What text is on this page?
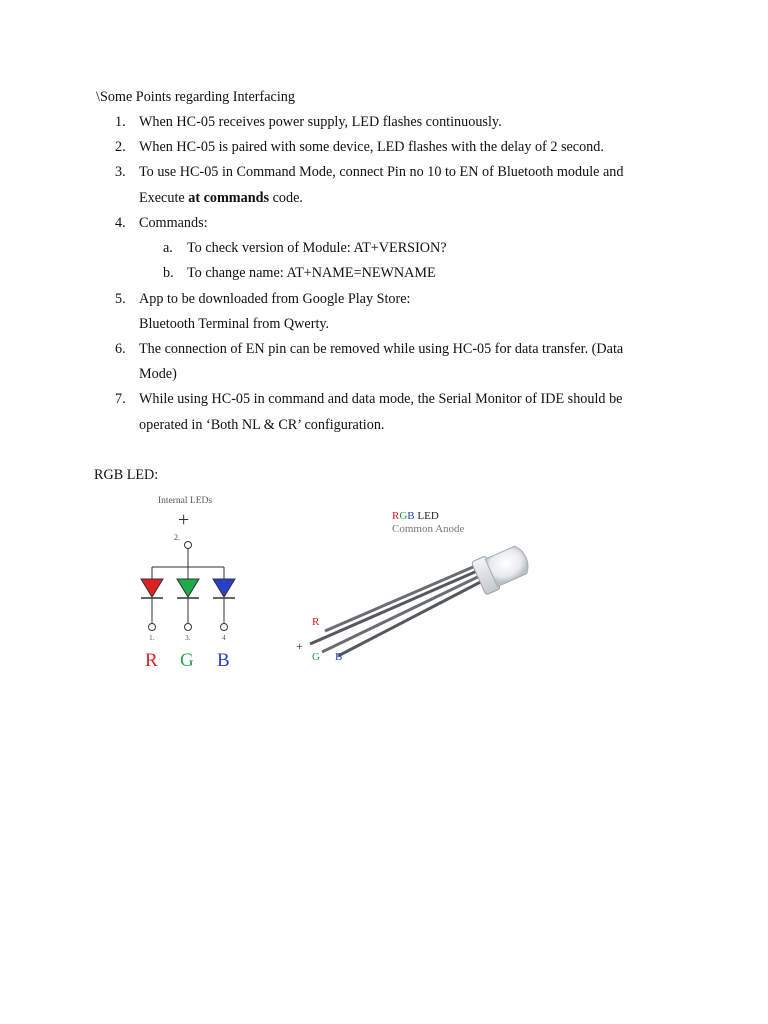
\Some Points regarding Interfacing
1. When HC-05 receives power supply, LED flashes continuously.
2. When HC-05 is paired with some device, LED flashes with the delay of 2 second.
3. To use HC-05 in Command Mode, connect Pin no 10 to EN of Bluetooth module and
Execute at commands code.
4. Commands:
a. To check version of Module: AT+VERSION?
b. To change name: AT+NAME=NEWNAME
5. App to be downloaded from Google Play Store:
Bluetooth Terminal from Qwerty.
6. The connection of EN pin can be removed while using HC-05 for data transfer. (Data
Mode)
7. While using HC-05 in command and data mode, the Serial Monitor of IDE should be
operated in ‘Both NL & CR’ configuration.
RGB LED:
Internal LEDs
+
2.
1.	3.	4
R G B
RGB LED
Common Anode
R
+
G B
